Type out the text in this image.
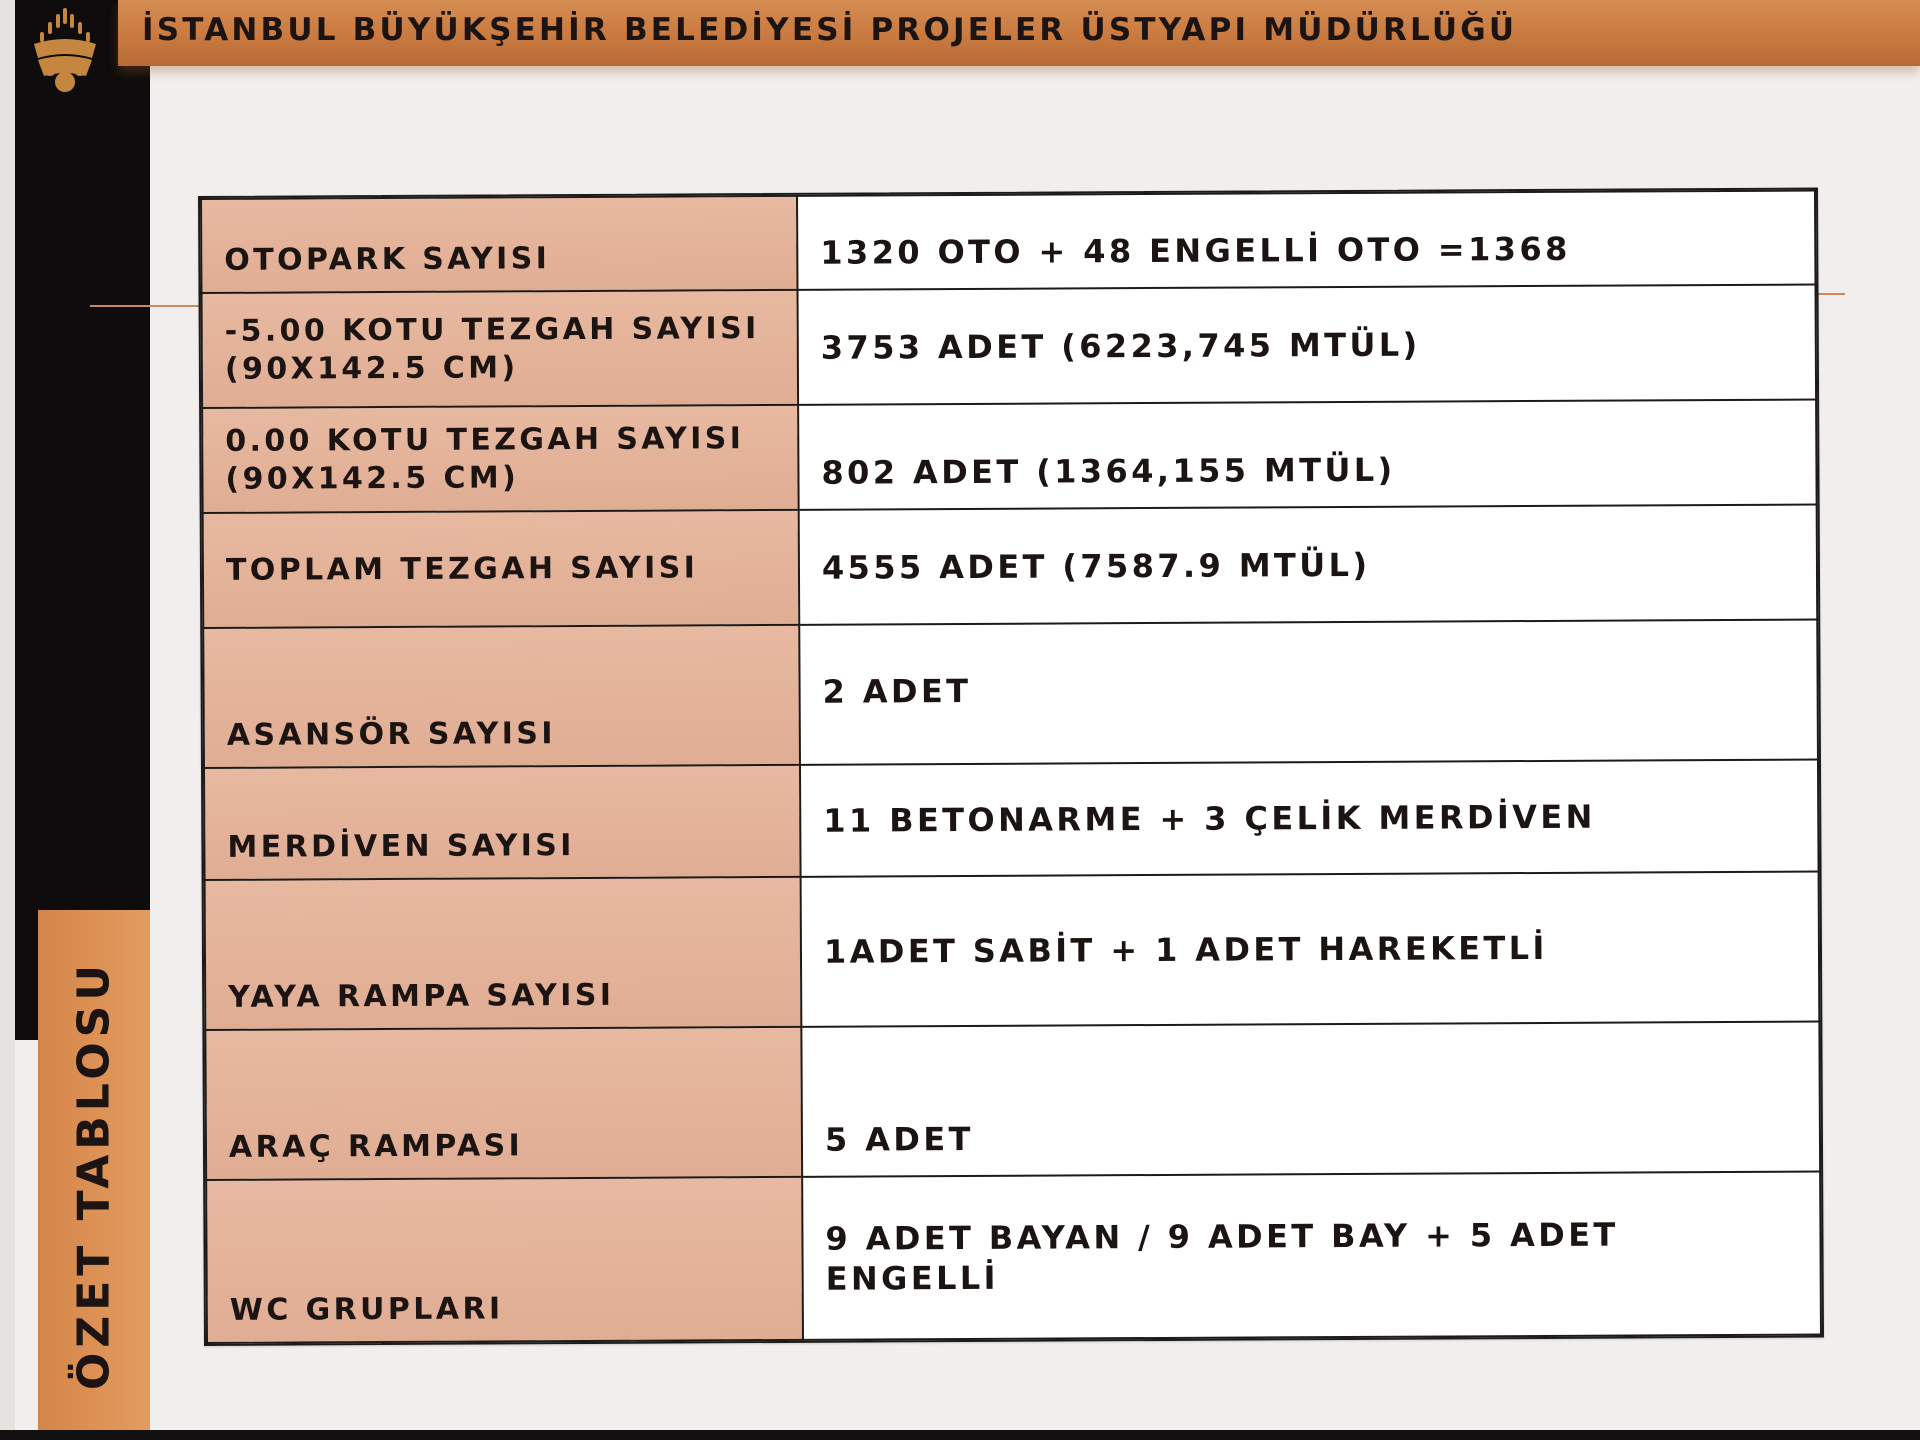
İSTANBUL BÜYÜKŞEHİR BELEDİYESİ PROJELER ÜSTYAPI MÜDÜRLÜĞÜ
ÖZET TABLOSU
OTOPARK SAYISI	1320 OTO + 48 ENGELLİ OTO =1368
-5.00 KOTU TEZGAH SAYISI (90X142.5 CM)	3753 ADET (6223,745 MTÜL)
0.00 KOTU TEZGAH SAYISI (90X142.5 CM)	802 ADET (1364,155 MTÜL)
TOPLAM TEZGAH SAYISI	4555 ADET (7587.9 MTÜL)
ASANSÖR SAYISI	2 ADET
MERDİVEN SAYISI	11 BETONARME + 3 ÇELİK MERDİVEN
YAYA RAMPA SAYISI	1ADET SABİT + 1 ADET HAREKETLİ
ARAÇ RAMPASI	5 ADET
WC GRUPLARI	9 ADET BAYAN / 9 ADET BAY + 5 ADET ENGELLİ
